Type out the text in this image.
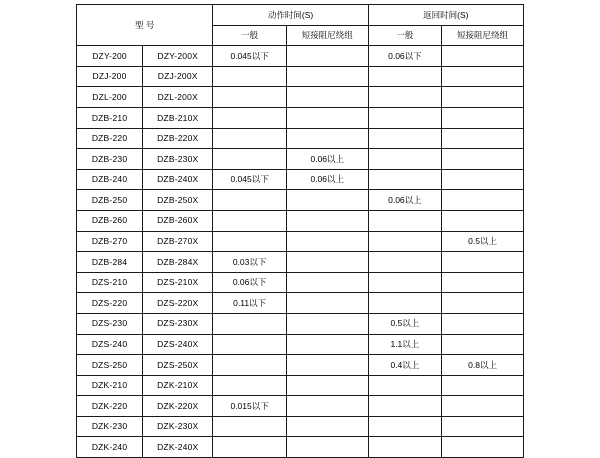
型 号		动作时间(S)		返回时间(S)	
		一般	短接阻尼绕组	一般	短接阻尼绕组
DZY-200	DZY-200X	0.045以下		0.06以下	
DZJ-200	DZJ-200X				
DZL-200	DZL-200X				
DZB-210	DZB-210X				
DZB-220	DZB-220X				
DZB-230	DZB-230X		0.06以上		
DZB-240	DZB-240X	0.045以下	0.06以上		
DZB-250	DZB-250X			0.06以上	
DZB-260	DZB-260X				
DZB-270	DZB-270X				0.5以上
DZB-284	DZB-284X	0.03以下			
DZS-210	DZS-210X	0.06以下			
DZS-220	DZS-220X	0.11以下			
DZS-230	DZS-230X			0.5以上	
DZS-240	DZS-240X			1.1以上	
DZS-250	DZS-250X			0.4以上	0.8以上
DZK-210	DZK-210X				
DZK-220	DZK-220X	0.015以下			
DZK-230	DZK-230X				
DZK-240	DZK-240X				
